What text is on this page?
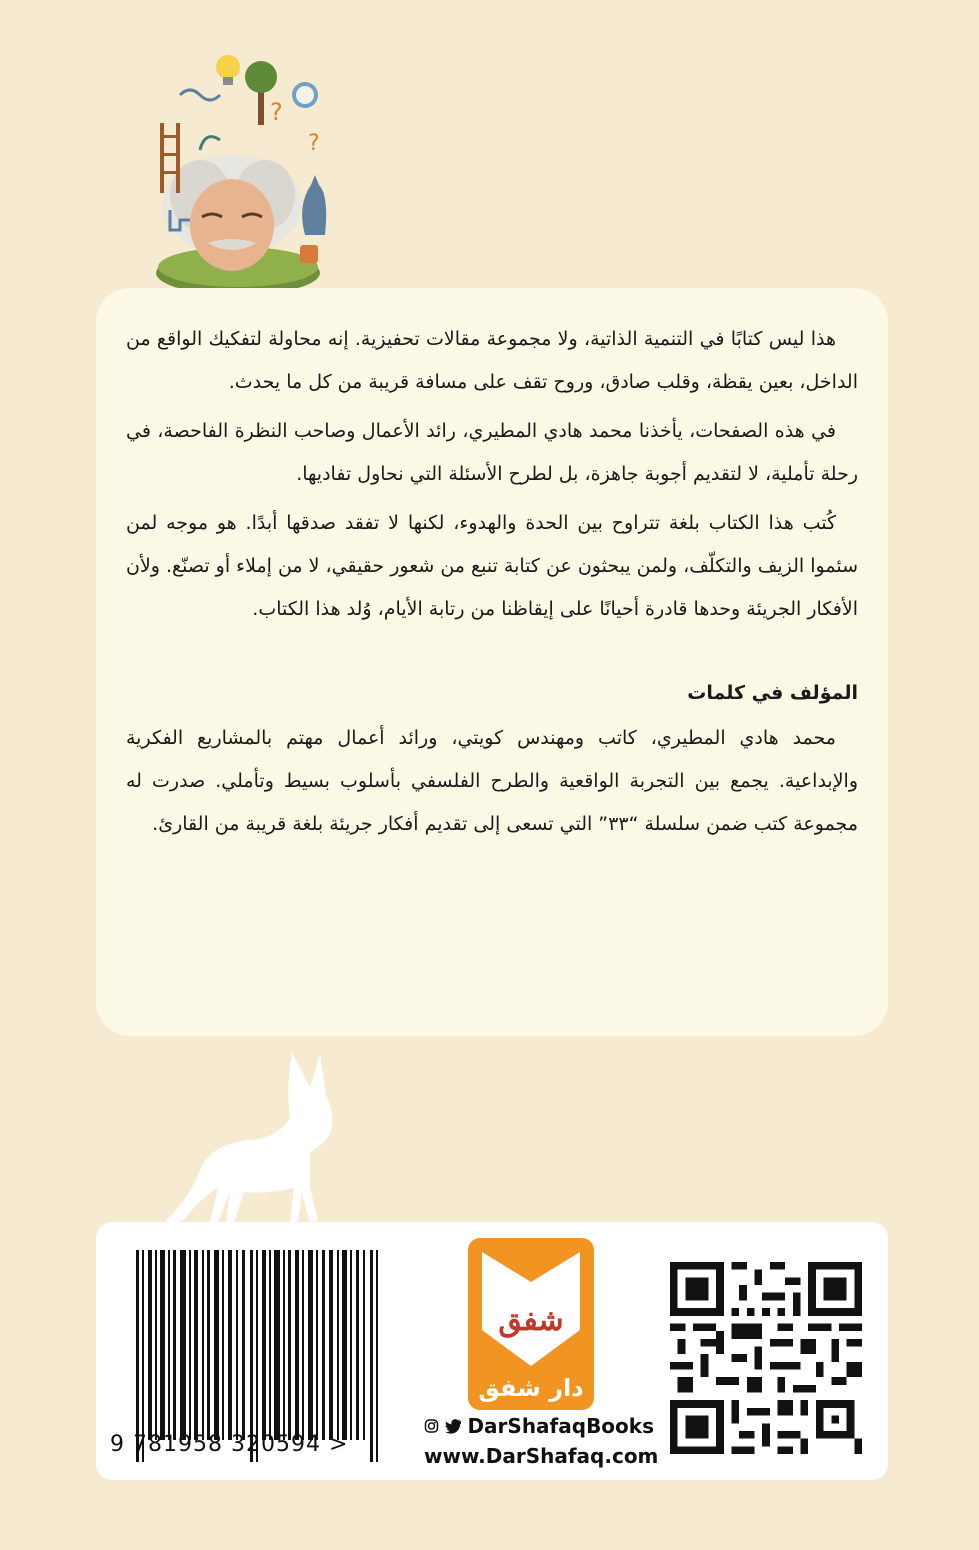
?
?

هذا ليس كتابًا في التنمية الذاتية، ولا مجموعة مقالات تحفيزية. إنه محاولة لتفكيك الواقع من الداخل، بعين يقظة، وقلب صادق، وروح تقف على مسافة قريبة من كل ما يحدث.

في هذه الصفحات، يأخذنا محمد هادي المطيري، رائد الأعمال وصاحب النظرة الفاحصة، في رحلة تأملية، لا لتقديم أجوبة جاهزة، بل لطرح الأسئلة التي نحاول تفاديها.

كُتب هذا الكتاب بلغة تتراوح بين الحدة والهدوء، لكنها لا تفقد صدقها أبدًا. هو موجه لمن سئموا الزيف والتكلّف، ولمن يبحثون عن كتابة تنبع من شعور حقيقي، لا من إملاء أو تصنّع. ولأن الأفكار الجريئة وحدها قادرة أحيانًا على إيقاظنا من رتابة الأيام، وُلد هذا الكتاب.

المؤلف في كلمات

محمد هادي المطيري، كاتب ومهندس كويتي، ورائد أعمال مهتم بالمشاريع الفكرية والإبداعية. يجمع بين التجربة الواقعية والطرح الفلسفي بأسلوب بسيط وتأملي. صدرت له مجموعة كتب ضمن سلسلة “٣٣” التي تسعى إلى تقديم أفكار جريئة بلغة قريبة من القارئ.

9 781958 320594 >
شفق
دار شفق
DarShafaqBooks
www.DarShafaq.com
